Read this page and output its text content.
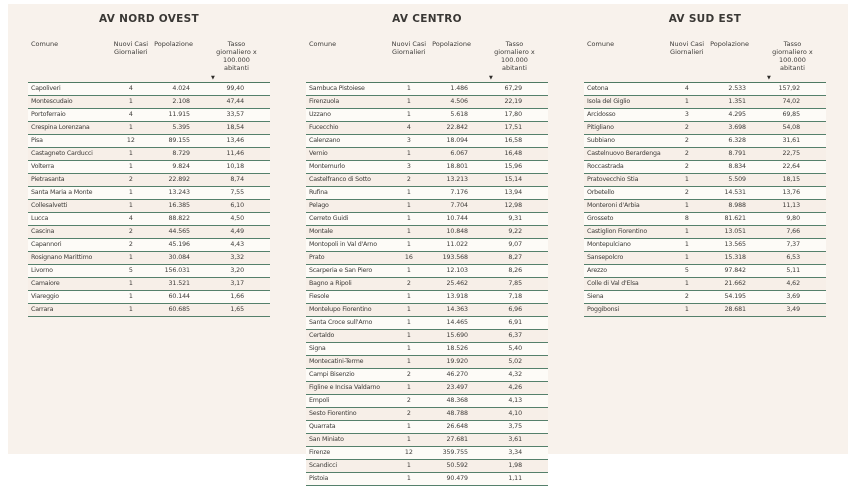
AV NORD OVEST
Comune	Nuovi Casi Giornalieri	Popolazione	Tasso giornaliero x 100.000 abitanti
▼

Capoliveri	4	4.024	99,40
Montescudaio	1	2.108	47,44
Portoferraio	4	11.915	33,57
Crespina Lorenzana	1	5.395	18,54
Pisa	12	89.155	13,46
Castagneto Carducci	1	8.729	11,46
Volterra	1	9.824	10,18
Pietrasanta	2	22.892	8,74
Santa Maria a Monte	1	13.243	7,55
Collesalvetti	1	16.385	6,10
Lucca	4	88.822	4,50
Cascina	2	44.565	4,49
Capannori	2	45.196	4,43
Rosignano Marittimo	1	30.084	3,32
Livorno	5	156.031	3,20
Camaiore	1	31.521	3,17
Viareggio	1	60.144	1,66
Carrara	1	60.685	1,65
AV CENTRO
Comune	Nuovi Casi Giornalieri	Popolazione	Tasso giornaliero x 100.000 abitanti
▼

Sambuca Pistoiese	1	1.486	67,29
Firenzuola	1	4.506	22,19
Uzzano	1	5.618	17,80
Fucecchio	4	22.842	17,51
Calenzano	3	18.094	16,58
Vernio	1	6.067	16,48
Montemurlo	3	18.801	15,96
Castelfranco di Sotto	2	13.213	15,14
Rufina	1	7.176	13,94
Pelago	1	7.704	12,98
Cerreto Guidi	1	10.744	9,31
Montale	1	10.848	9,22
Montopoli in Val d'Arno	1	11.022	9,07
Prato	16	193.568	8,27
Scarperia e San Piero	1	12.103	8,26
Bagno a Ripoli	2	25.462	7,85
Fiesole	1	13.918	7,18
Montelupo Fiorentino	1	14.363	6,96
Santa Croce sull'Arno	1	14.465	6,91
Certaldo	1	15.690	6,37
Signa	1	18.526	5,40
Montecatini-Terme	1	19.920	5,02
Campi Bisenzio	2	46.270	4,32
Figline e Incisa Valdarno	1	23.497	4,26
Empoli	2	48.368	4,13
Sesto Fiorentino	2	48.788	4,10
Quarrata	1	26.648	3,75
San Miniato	1	27.681	3,61
Firenze	12	359.755	3,34
Scandicci	1	50.592	1,98
Pistoia	1	90.479	1,11
AV SUD EST
Comune	Nuovi Casi Giornalieri	Popolazione	Tasso giornaliero x 100.000 abitanti
▼

Cetona	4	2.533	157,92
Isola del Giglio	1	1.351	74,02
Arcidosso	3	4.295	69,85
Pitigliano	2	3.698	54,08
Subbiano	2	6.328	31,61
Castelnuovo Berardenga	2	8.791	22,75
Roccastrada	2	8.834	22,64
Pratovecchio Stia	1	5.509	18,15
Orbetello	2	14.531	13,76
Monteroni d'Arbia	1	8.988	11,13
Grosseto	8	81.621	9,80
Castiglion Fiorentino	1	13.051	7,66
Montepulciano	1	13.565	7,37
Sansepolcro	1	15.318	6,53
Arezzo	5	97.842	5,11
Colle di Val d'Elsa	1	21.662	4,62
Siena	2	54.195	3,69
Poggibonsi	1	28.681	3,49
